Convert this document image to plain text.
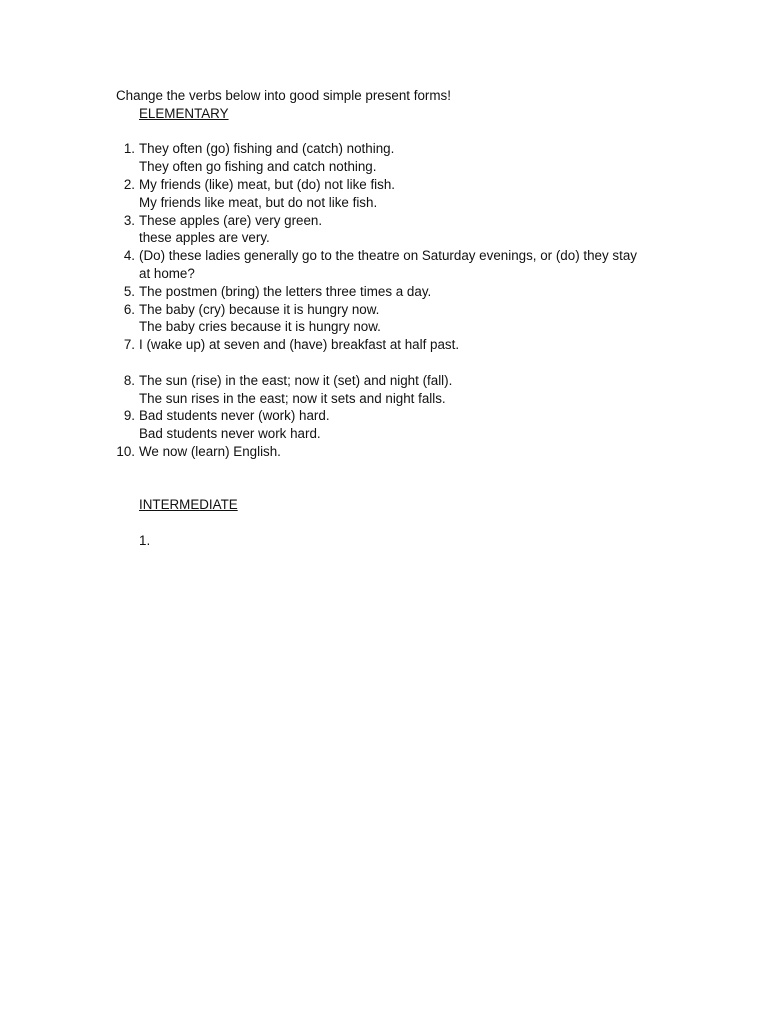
Change the verbs below into good simple present forms!

ELEMENTARY

1. They often (go) fishing and (catch) nothing.
They often go fishing and catch nothing.
2. My friends (like) meat, but (do) not like fish.
My friends like meat, but do not like fish.
3. These apples (are) very green.
these apples are very.
4. (Do) these ladies generally go to the theatre on Saturday evenings, or (do) they stay
at home?
5. The postmen (bring) the letters three times a day.
6. The baby (cry) because it is hungry now.
The baby cries because it is hungry now.
7. I (wake up) at seven and (have) breakfast at half past.
8. The sun (rise) in the east; now it (set) and night (fall).
The sun rises in the east; now it sets and night falls.
9. Bad students never (work) hard.
Bad students never work hard.
10. We now (learn) English.

INTERMEDIATE

1.
